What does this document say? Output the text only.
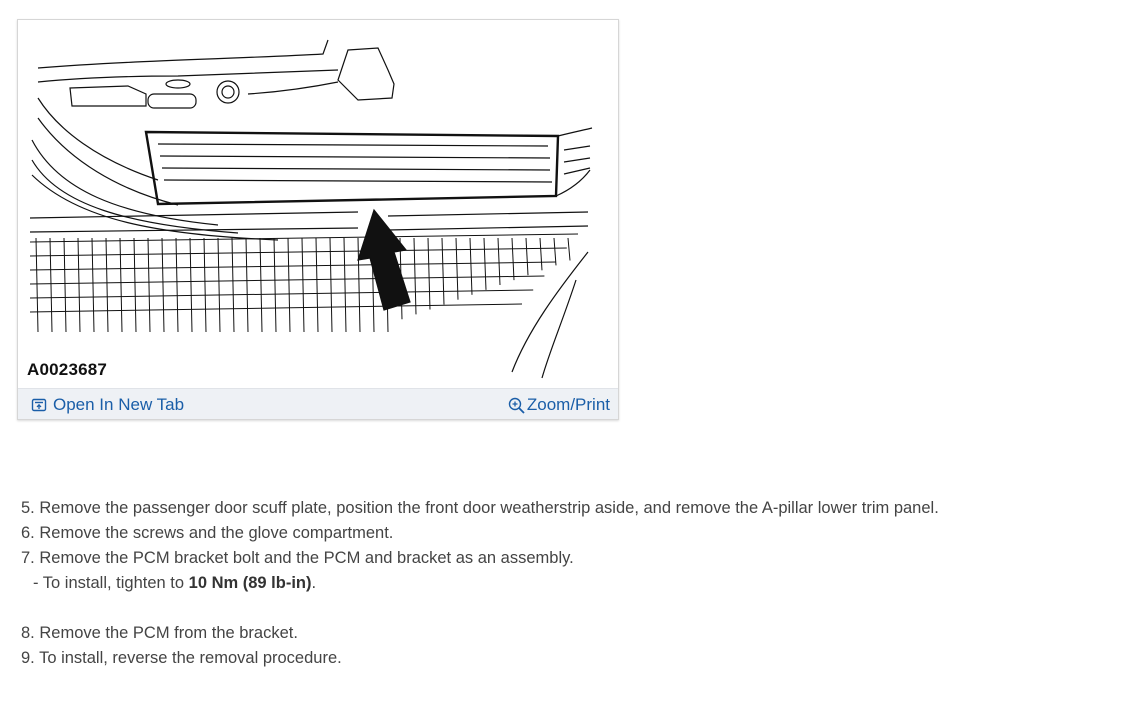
A0023687
Open In New Tab	Zoom/Print
5. Remove the passenger door scuff plate, position the front door weatherstrip aside, and remove the A-pillar lower trim panel.
6. Remove the screws and the glove compartment.
7. Remove the PCM bracket bolt and the PCM and bracket as an assembly.
- To install, tighten to 10 Nm (89 lb-in).
8. Remove the PCM from the bracket.
9. To install, reverse the removal procedure.
